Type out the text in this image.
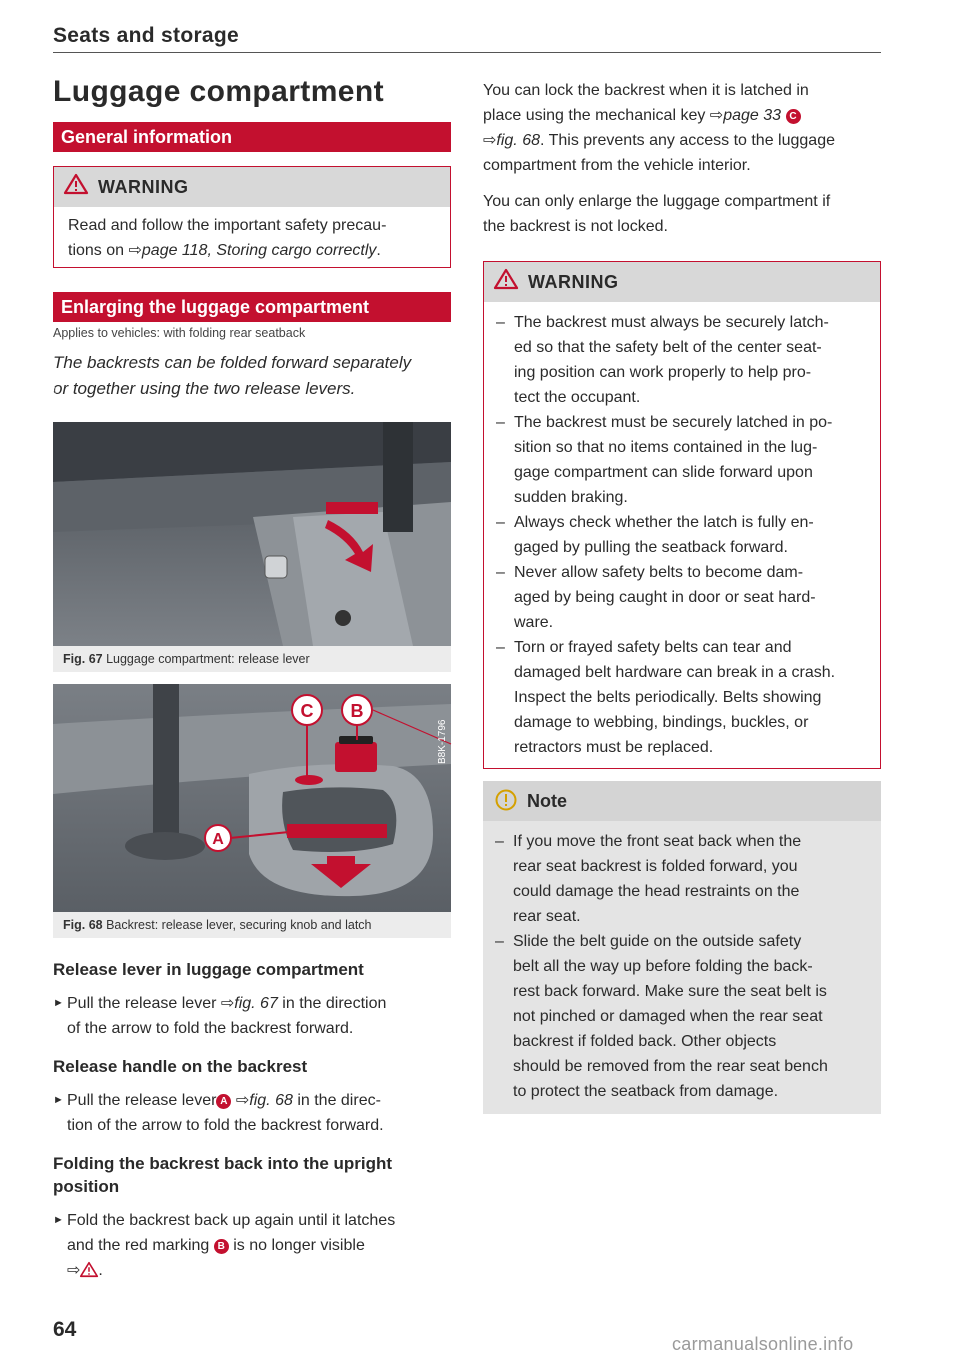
Seats and storage
Luggage compartment
General information
WARNING
Read and follow the important safety precau-
tions on ⇨page 118, Storing cargo correctly.
Enlarging the luggage compartment
Applies to vehicles: with folding rear seatback
The backrests can be folded forward separately
or together using the two release levers.
B8K-1422
Fig. 67 Luggage compartment: release lever
A
C B
B8K-1796
Fig. 68 Backrest: release lever, securing knob and latch
Release lever in luggage compartment
► Pull the release lever ⇨fig. 67 in the direction
of the arrow to fold the backrest forward.
Release handle on the backrest
► Pull the release lever A ⇨fig. 68 in the direc-
tion of the arrow to fold the backrest forward.
Folding the backrest back into the upright
position
► Fold the backrest back up again until it latches
and the red marking B is no longer visible
⇨ .
You can lock the backrest when it is latched in
place using the mechanical key ⇨page 33 C
⇨fig. 68. This prevents any access to the luggage
compartment from the vehicle interior.
You can only enlarge the luggage compartment if
the backrest is not locked.
WARNING
– The backrest must always be securely latch-
ed so that the safety belt of the center seat-
ing position can work properly to help pro-
tect the occupant.
– The backrest must be securely latched in po-
sition so that no items contained in the lug-
gage compartment can slide forward upon
sudden braking.
– Always check whether the latch is fully en-
gaged by pulling the seatback forward.
– Never allow safety belts to become dam-
aged by being caught in door or seat hard-
ware.
– Torn or frayed safety belts can tear and
damaged belt hardware can break in a crash.
Inspect the belts periodically. Belts showing
damage to webbing, bindings, buckles, or
retractors must be replaced.
Note
– If you move the front seat back when the
rear seat backrest is folded forward, you
could damage the head restraints on the
rear seat.
– Slide the belt guide on the outside safety
belt all the way up before folding the back-
rest back forward. Make sure the seat belt is
not pinched or damaged when the rear seat
backrest if folded back. Other objects
should be removed from the rear seat bench
to protect the seatback from damage.
64
carmanualsonline.info
